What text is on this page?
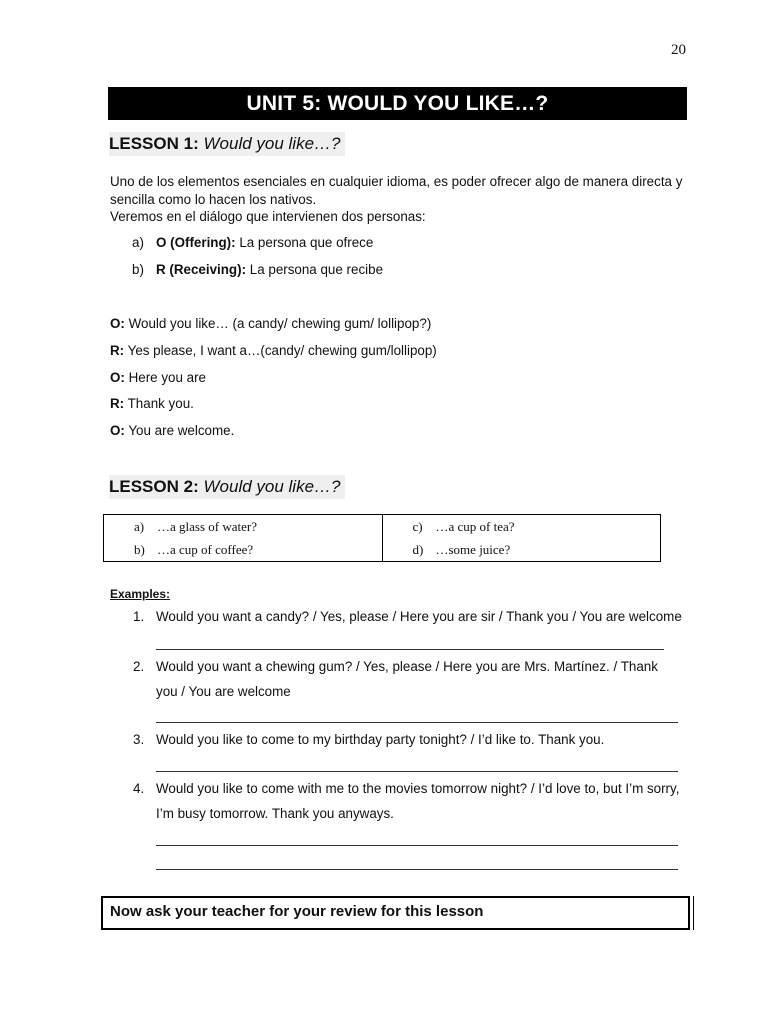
20
UNIT 5: WOULD YOU LIKE…?
LESSON 1: Would you like…?

Uno de los elementos esenciales en cualquier idioma, es poder ofrecer algo de manera directa y sencilla como lo hacen los nativos.

Veremos en el diálogo que intervienen dos personas:

a) O (Offering): La persona que ofrece
b) R (Receiving): La persona que recibe
O: Would you like… (a candy/ chewing gum/ lollipop?)
R: Yes please, I want a…(candy/ chewing gum/lollipop)
O: Here you are
R: Thank you.
O: You are welcome.
LESSON 2: Would you like…?
a) …a glass of water?	c) …a cup of tea?
b) …a cup of coffee?	d) …some juice?
Examples:
1. Would you want a candy? / Yes, please / Here you are sir / Thank you / You are welcome
2. Would you want a chewing gum? / Yes, please / Here you are Mrs. Martínez. / Thank you / You are welcome
3. Would you like to come to my birthday party tonight? / I’d like to. Thank you.
4. Would you like to come with me to the movies tomorrow night? / I’d love to, but I’m sorry, I’m busy tomorrow. Thank you anyways.
Now ask your teacher for your review for this lesson
